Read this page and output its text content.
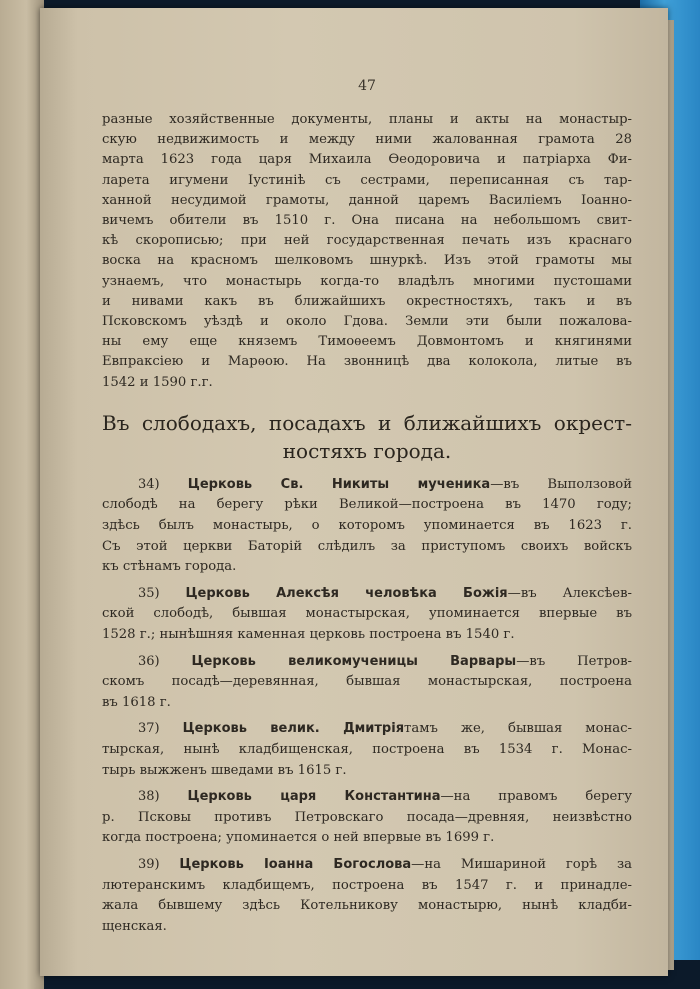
47
разные хозяйственные документы, планы и акты на монастыр-
скую недвижимость и между ними жалованная грамота 28
марта 1623 года царя Михаила Ѳеодоровича и патріарха Фи-
ларета игумени Іустиніѣ съ сестрами, переписанная съ тар-
ханной несудимой грамоты, данной царемъ Василіемъ Іоанно-
вичемъ обители въ 1510 г. Она писана на небольшомъ свит-
кѣ скорописью; при ней государственная печать изъ краснаго
воска на красномъ шелковомъ шнуркѣ. Изъ этой грамоты мы
узнаемъ, что монастырь когда-то владѣлъ многими пустошами
и нивами какъ въ ближайшихъ окрестностяхъ, такъ и въ
Псковскомъ уѣздѣ и около Гдова. Земли эти были пожалова-
ны ему еще княземъ Тимоѳеемъ Довмонтомъ и княгинями
Евпраксіею и Марѳою. На звонницѣ два колокола, литые въ
1542 и 1590 г.г.
Въ слободахъ, посадахъ и ближайшихъ окрест-
ностяхъ города.
34) Церковь Св. Никиты мученика—въ Выползовой
слободѣ на берегу рѣки Великой—построена въ 1470 году;
здѣсь былъ монастырь, о которомъ упоминается въ 1623 г.
Съ этой церкви Баторій слѣдилъ за приступомъ своихъ войскъ
къ стѣнамъ города.
35) Церковь Алексѣя человѣка Божія—въ Алексѣев-
ской слободѣ, бывшая монастырская, упоминается впервые въ
1528 г.; нынѣшняя каменная церковь построена въ 1540 г.
36) Церковь великомученицы Варвары—въ Петров-
скомъ посадѣ—деревянная, бывшая монастырская, построена
въ 1618 г.
37) Церковь велик. Дмитріятамъ же, бывшая монас-
тырская, нынѣ кладбищенская, построена въ 1534 г. Монас-
тырь выжженъ шведами въ 1615 г.
38) Церковь царя Константина—на правомъ берегу
р. Псковы противъ Петровскаго посада—древняя, неизвѣстно
когда построена; упоминается о ней впервые въ 1699 г.
39) Церковь Іоанна Богослова—на Мишариной горѣ за
лютеранскимъ кладбищемъ, построена въ 1547 г. и принадле-
жала бывшему здѣсь Котельникову монастырю, нынѣ кладби-
щенская.
